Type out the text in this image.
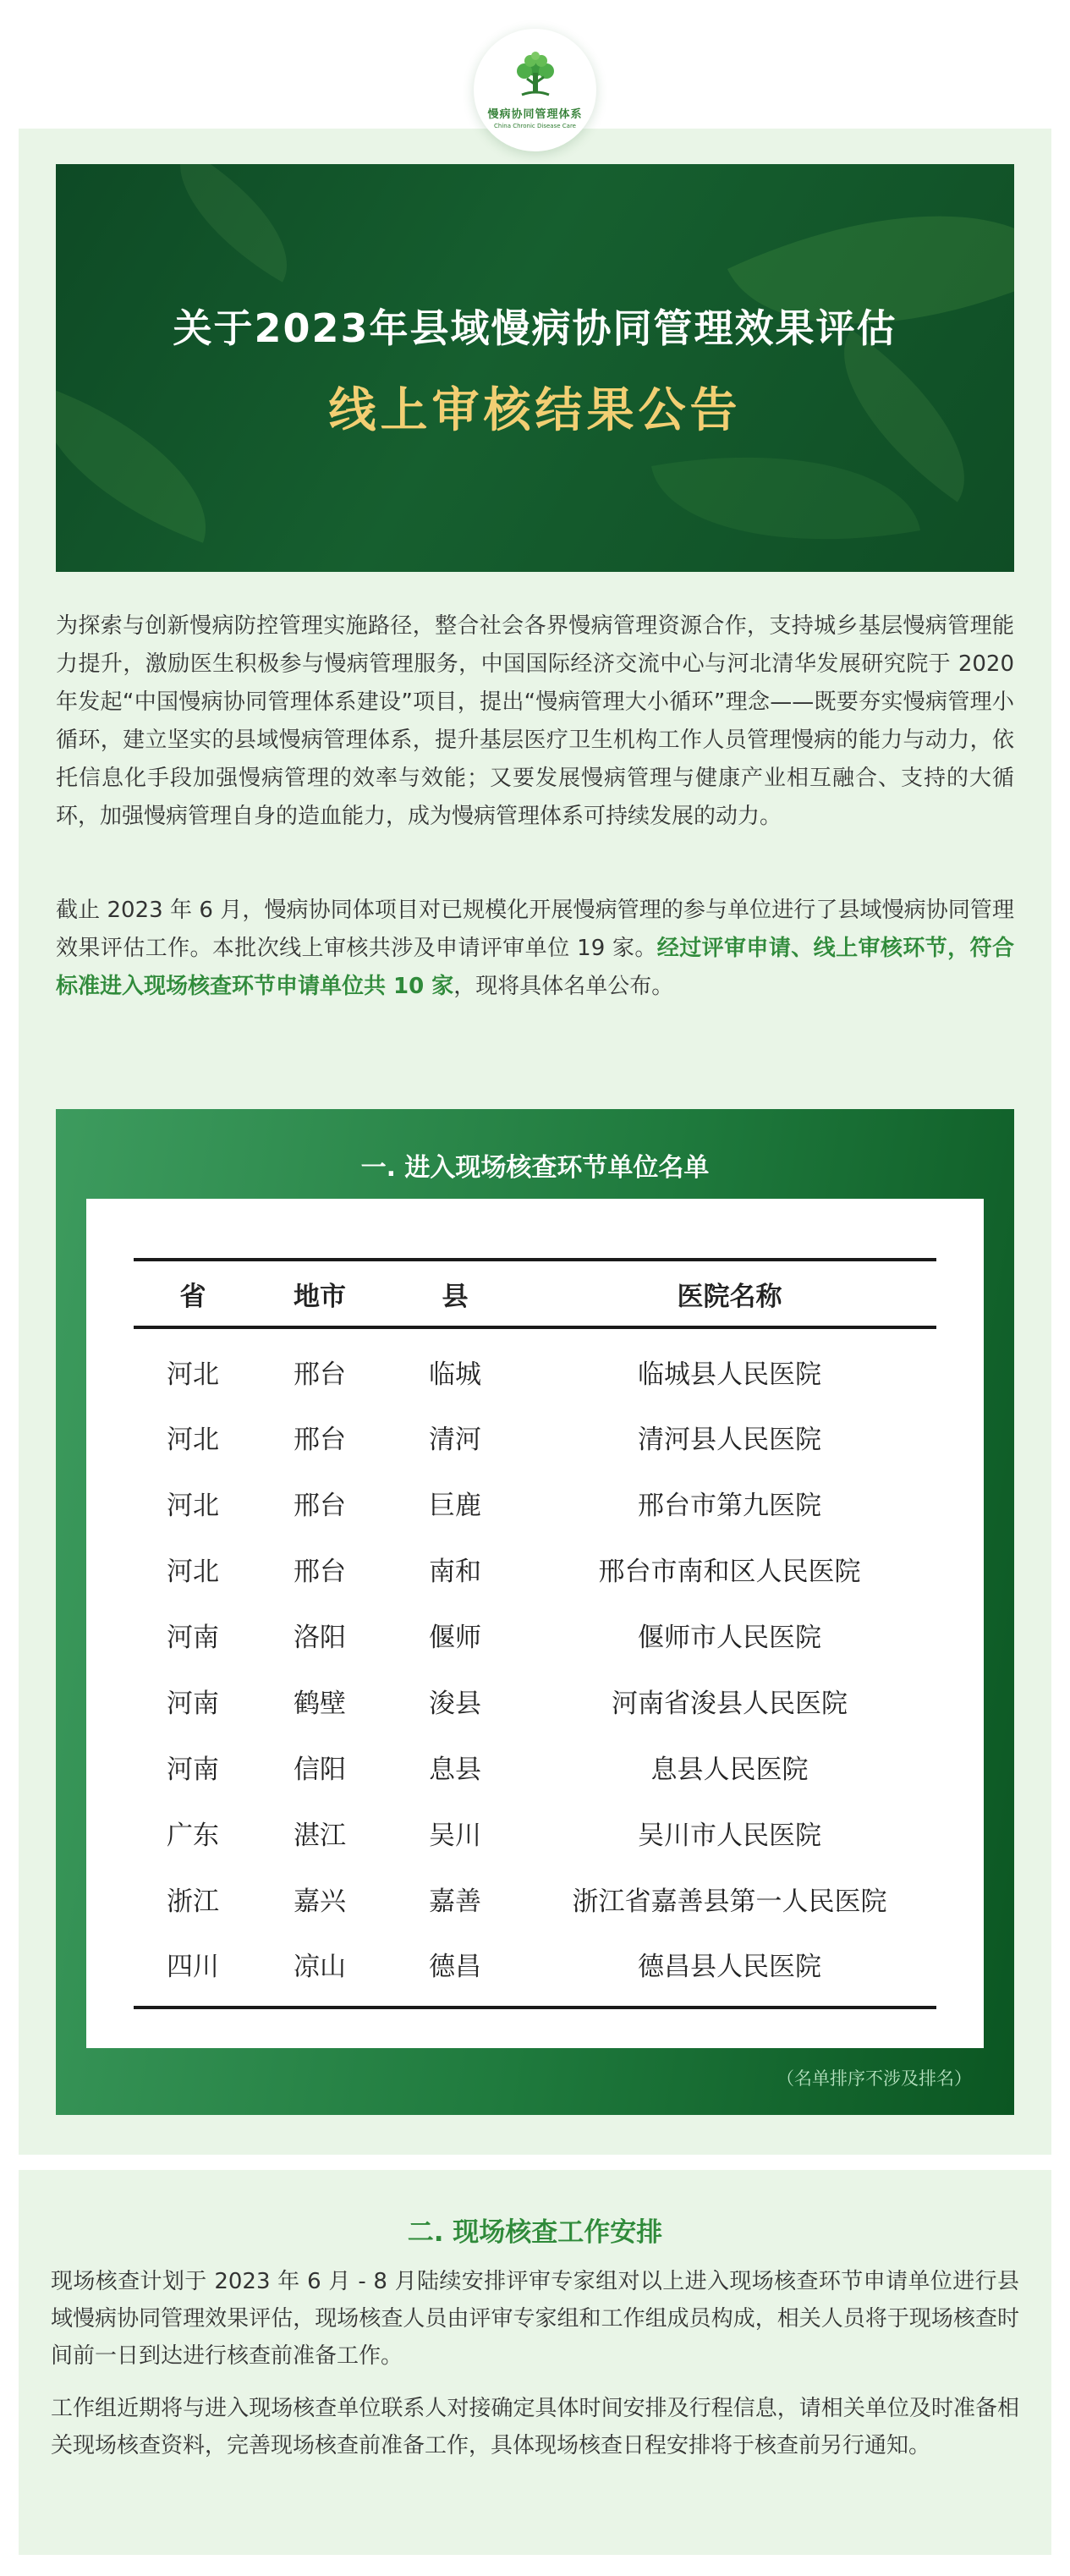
慢病协同管理体系
China Chronic Disease Care
关于2023年县域慢病协同管理效果评估
线上审核结果公告

为探索与创新慢病防控管理实施路径，整合社会各界慢病管理资源合作，支持城乡基层慢病管理能力提升，激励医生积极参与慢病管理服务，中国国际经济交流中心与河北清华发展研究院于 2020 年发起“中国慢病协同管理体系建设”项目，提出“慢病管理大小循环”理念——既要夯实慢病管理小循环，建立坚实的县域慢病管理体系，提升基层医疗卫生机构工作人员管理慢病的能力与动力，依托信息化手段加强慢病管理的效率与效能；又要发展慢病管理与健康产业相互融合、支持的大循环，加强慢病管理自身的造血能力，成为慢病管理体系可持续发展的动力。

截止 2023 年 6 月，慢病协同体项目对已规模化开展慢病管理的参与单位进行了县域慢病协同管理效果评估工作。本批次线上审核共涉及申请评审单位 19 家。经过评审申请、线上审核环节，符合标准进入现场核查环节申请单位共 10 家，现将具体名单公布。

一. 进入现场核查环节单位名单
省	地市	县	医院名称
河北	邢台	临城	临城县人民医院
河北	邢台	清河	清河县人民医院
河北	邢台	巨鹿	邢台市第九医院
河北	邢台	南和	邢台市南和区人民医院
河南	洛阳	偃师	偃师市人民医院
河南	鹤壁	浚县	河南省浚县人民医院
河南	信阳	息县	息县人民医院
广东	湛江	吴川	吴川市人民医院
浙江	嘉兴	嘉善	浙江省嘉善县第一人民医院
四川	凉山	德昌	德昌县人民医院
（名单排序不涉及排名）
二. 现场核查工作安排

现场核查计划于 2023 年 6 月 - 8 月陆续安排评审专家组对以上进入现场核查环节申请单位进行县域慢病协同管理效果评估，现场核查人员由评审专家组和工作组成员构成，相关人员将于现场核查时间前一日到达进行核查前准备工作。

工作组近期将与进入现场核查单位联系人对接确定具体时间安排及行程信息，请相关单位及时准备相关现场核查资料，完善现场核查前准备工作，具体现场核查日程安排将于核查前另行通知。
